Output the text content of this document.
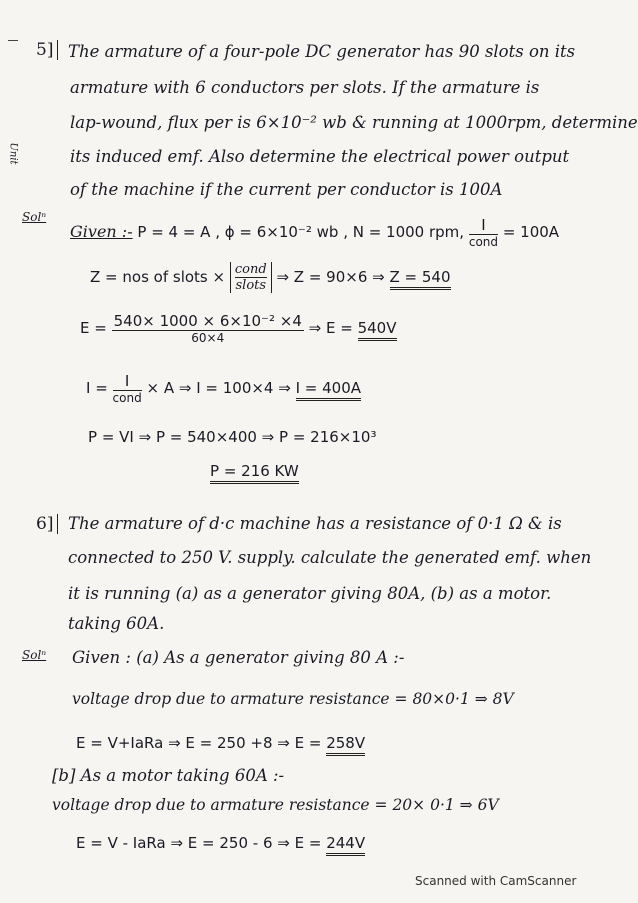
Unit
5] The armature of a four-pole DC generator has 90 slots on its
armature with 6 conductors per slots. If the armature is
lap-wound, flux per is 6×10⁻² wb & running at 1000rpm, determine
its induced emf. Also determine the electrical power output
of the machine if the current per conductor is 100A
Solⁿ
Given :- P = 4 = A , ϕ = 6×10⁻² wb , N = 1000 rpm, $\frac{I}{\text{cond}} = 100A$
Z = nos of slots × cond
slots ⇒ Z = 90×6 ⇒ Z = 540
$E = \frac{\text{540× 1000 × 6×10⁻² ×4}}{60\times 4}$ ⇒ E = 540V
$I = \frac{I}{\text{cond}} \times A$ ⇒ I = 100×4 ⇒ I = 400A
P = VI ⇒ P = 540×400 ⇒ P = 216×10³
P = 216 KW
6] The armature of d·c machine has a resistance of 0·1 Ω & is
connected to 250 V. supply. calculate the generated emf. when
it is running (a) as a generator giving 80A, (b) as a motor.
taking 60A.
Solⁿ Given : (a) As a generator giving 80 A :-
voltage drop due to armature resistance = 80×0·1 ⇒ 8V
E = V+IaRa ⇒ E = 250 +8 ⇒ E = 258V
[b] As a motor taking 60A :-
voltage drop due to armature resistance = 20× 0·1 ⇒ 6V
E = V - IaRa ⇒ E = 250 - 6 ⇒ E = 244V
Scanned with CamScanner
